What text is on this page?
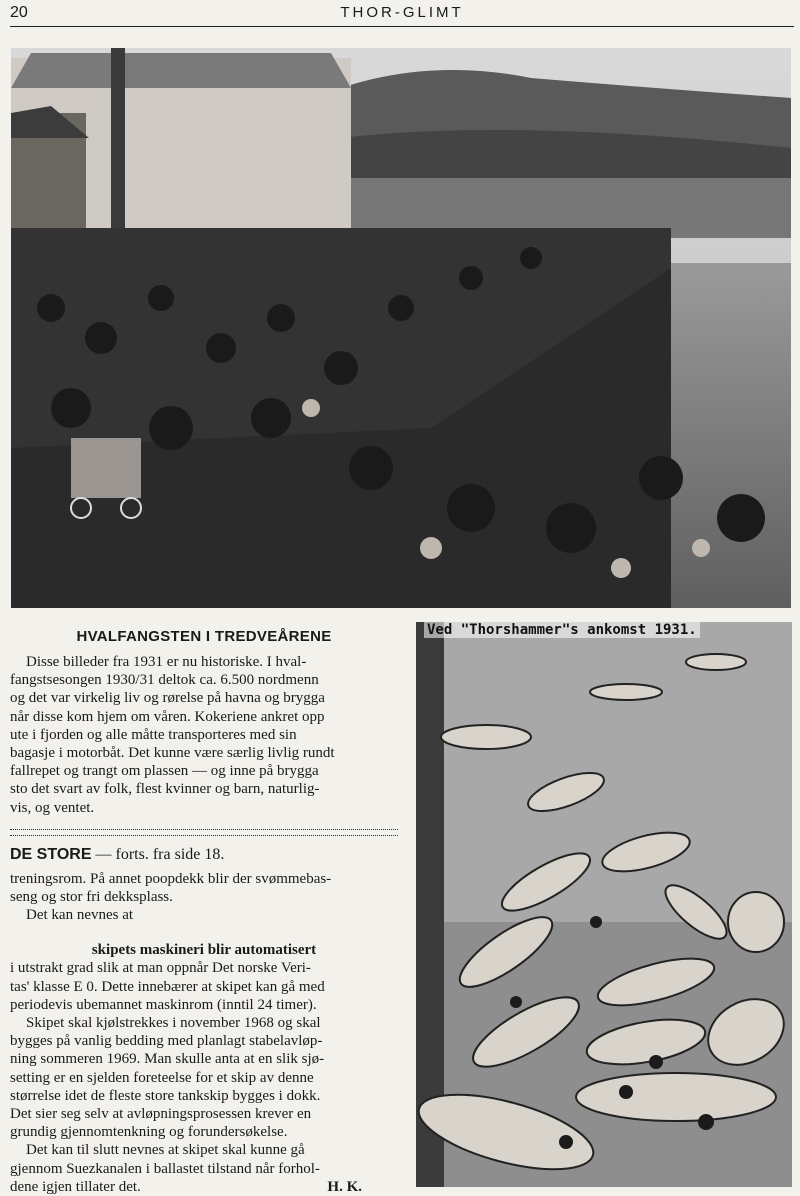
20	THOR-GLIMT
Ved "Thorshammer"s ankomst 1931.
HVALFANGSTEN I TREDVEÅRENE
Disse billeder fra 1931 er nu historiske. I hval-
fangstsesongen 1930/31 deltok ca. 6.500 nordmenn
og det var virkelig liv og rørelse på havna og brygga
når disse kom hjem om våren. Kokeriene ankret opp
ute i fjorden og alle måtte transporteres med sin
bagasje i motorbåt. Det kunne være særlig livlig rundt
fallrepet og trangt om plassen — og inne på brygga
sto det svart av folk, flest kvinner og barn, naturlig-
vis, og ventet.
DE STORE — forts. fra side 18.
treningsrom. På annet poopdekk blir der svømmebas-
seng og stor fri dekksplass.
Det kan nevnes at
skipets maskineri blir automatisert
i utstrakt grad slik at man oppnår Det norske Veri-
tas' klasse E 0. Dette innebærer at skipet kan gå med
periodevis ubemannet maskinrom (inntil 24 timer).
Skipet skal kjølstrekkes i november 1968 og skal
bygges på vanlig bedding med planlagt stabelavløp-
ning sommeren 1969. Man skulle anta at en slik sjø-
setting er en sjelden foreteelse for et skip av denne
størrelse idet de fleste store tankskip bygges i dokk.
Det sier seg selv at avløpningsprosessen krever en
grundig gjennomtenkning og forundersøkelse.
Det kan til slutt nevnes at skipet skal kunne gå
gjennom Suezkanalen i ballastet tilstand når forhol-
dene igjen tillater det.	H. K.
